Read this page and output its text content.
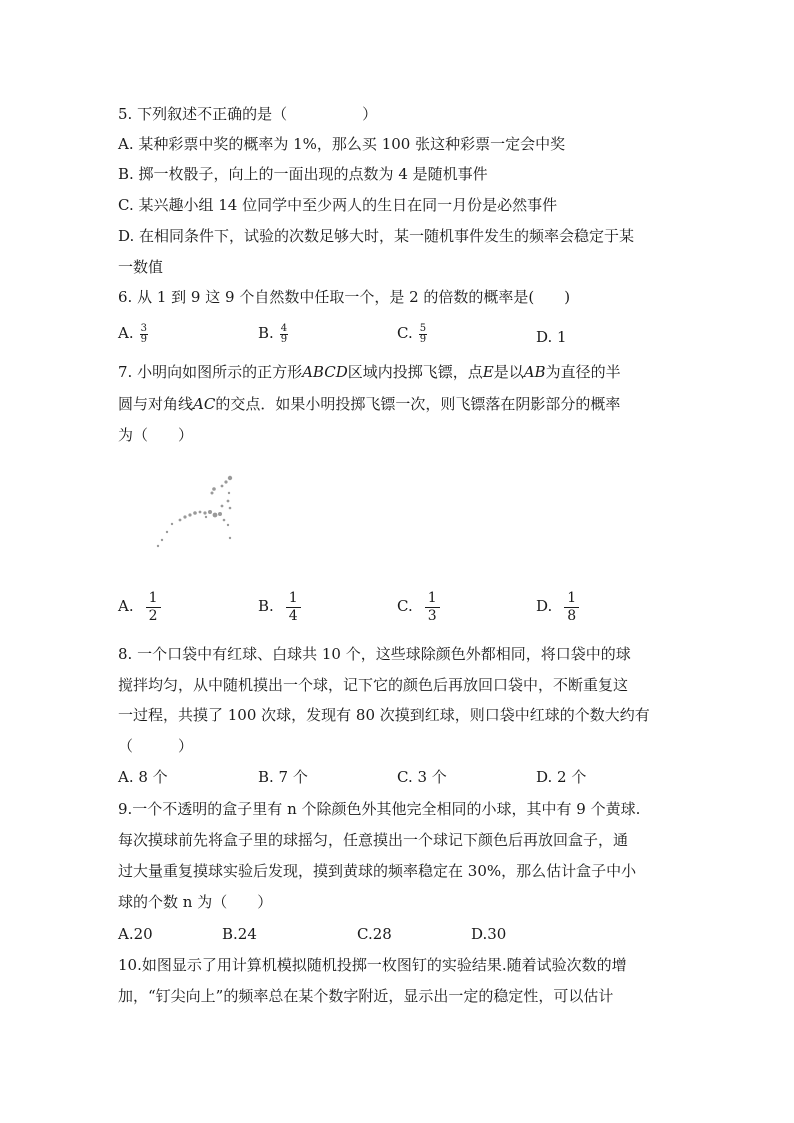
5. 下列叙述不正确的是（　　　　　）
A. 某种彩票中奖的概率为 1%，那么买 100 张这种彩票一定会中奖
B. 掷一枚骰子，向上的一面出现的点数为 4 是随机事件
C. 某兴趣小组 14 位同学中至少两人的生日在同一月份是必然事件
D. 在相同条件下，试验的次数足够大时，某一随机事件发生的频率会稳定于某
一数值
6. 从 1 到 9 这 9 个自然数中任取一个，是 2 的倍数的概率是(　　)
A. $\frac{3}{9}$	B. $\frac{4}{9}$	C. $\frac{5}{9}$	D. 1
7. 小明向如图所示的正方形ABCD区域内投掷飞镖，点E是以AB为直径的半
圆与对角线AC的交点．如果小明投掷飞镖一次，则飞镖落在阴影部分的概率
为（　　）
A. $\frac{1}{2}$	B. $\frac{1}{4}$	C. $\frac{1}{3}$	D. $\frac{1}{8}$
8. 一个口袋中有红球、白球共 10 个，这些球除颜色外都相同，将口袋中的球
搅拌均匀，从中随机摸出一个球，记下它的颜色后再放回口袋中，不断重复这
一过程，共摸了 100 次球，发现有 80 次摸到红球，则口袋中红球的个数大约有
（　　　）
A. 8 个	B. 7 个	C. 3 个	D. 2 个
9.一个不透明的盒子里有 n 个除颜色外其他完全相同的小球，其中有 9 个黄球.
每次摸球前先将盒子里的球摇匀，任意摸出一个球记下颜色后再放回盒子，通
过大量重复摸球实验后发现，摸到黄球的频率稳定在 30%，那么估计盒子中小
球的个数 n 为（　　）
A.20	B.24	C.28	D.30
10.如图显示了用计算机模拟随机投掷一枚图钉的实验结果.随着试验次数的增
加，“钉尖向上”的频率总在某个数字附近，显示出一定的稳定性，可以估计
